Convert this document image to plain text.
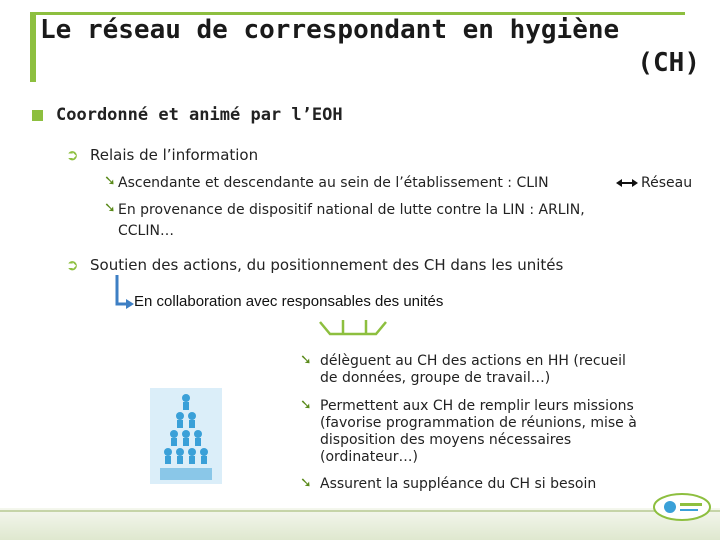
Le réseau de correspondant en hygiène
(CH)
Coordonné et animé par l’EOH
➲ Relais de l’information
➘ Ascendante et descendante au sein de l’établissement : CLIN	Réseau
➘ En provenance de dispositif national de lutte contre la LIN : ARLIN,
CCLIN…
➲ Soutien des actions, du positionnement des CH dans les unités
En collaboration avec responsables des unités
➘ délèguent au CH des actions en HH (recueil
de données, groupe de travail…)
➘ Permettent aux CH de remplir leurs missions
(favorise programmation de réunions, mise à
disposition des moyens nécessaires
(ordinateur…)
➘ Assurent la suppléance du CH si besoin
